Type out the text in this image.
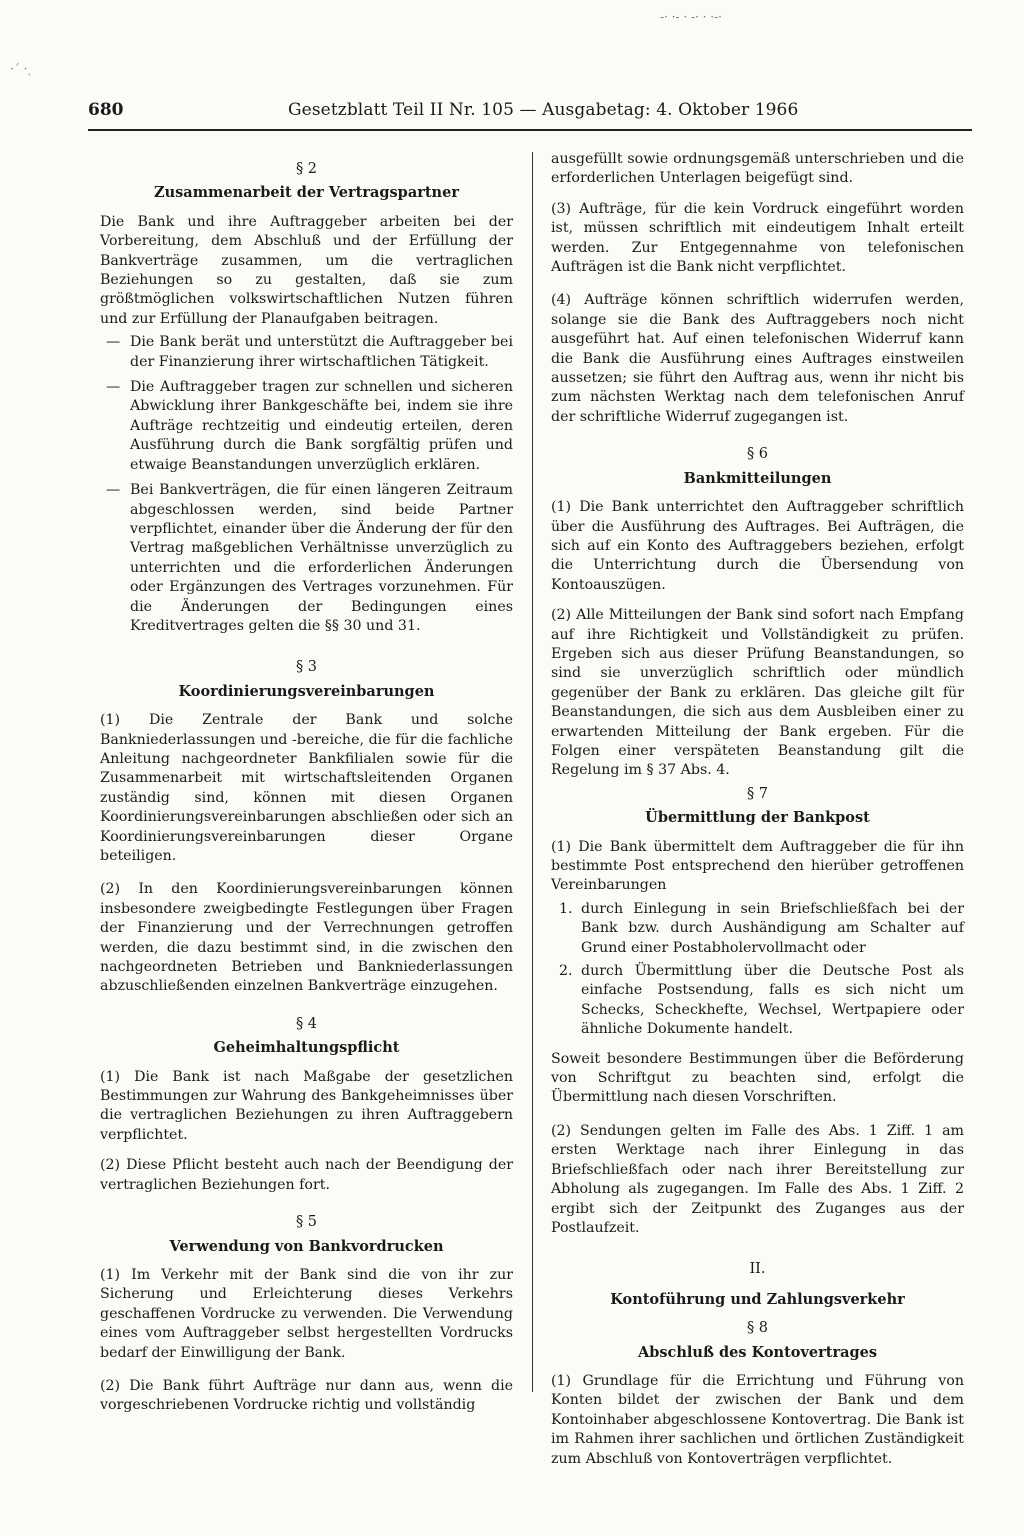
·ˊ ·ˎ
-· ·- · ‑· · ·-·
680	Gesetzblatt Teil II Nr. 105 — Ausgabetag: 4. Oktober 1966
§ 2
Zusammenarbeit der Vertragspartner

Die Bank und ihre Auftraggeber arbeiten bei der Vorbereitung, dem Abschluß und der Erfüllung der Bankverträge zusammen, um die vertraglichen Beziehungen so zu gestalten, daß sie zum größtmöglichen volkswirtschaftlichen Nutzen führen und zur Erfüllung der Planaufgaben beitragen.

— Die Bank berät und unterstützt die Auftraggeber bei der Finanzierung ihrer wirtschaftlichen Tätigkeit.
— Die Auftraggeber tragen zur schnellen und sicheren Abwicklung ihrer Bankgeschäfte bei, indem sie ihre Aufträge rechtzeitig und eindeutig erteilen, deren Ausführung durch die Bank sorgfältig prüfen und etwaige Beanstandungen unverzüglich erklären.
— Bei Bankverträgen, die für einen längeren Zeitraum abgeschlossen werden, sind beide Partner verpflichtet, einander über die Änderung der für den Vertrag maßgeblichen Verhältnisse unverzüglich zu unterrichten und die erforderlichen Änderungen oder Ergänzungen des Vertrages vorzunehmen. Für die Änderungen der Bedingungen eines Kreditvertrages gelten die §§ 30 und 31.
§ 3
Koordinierungsvereinbarungen

(1) Die Zentrale der Bank und solche Bankniederlassungen und -bereiche, die für die fachliche Anleitung nachgeordneter Bankfilialen sowie für die Zusammenarbeit mit wirtschaftsleitenden Organen zuständig sind, können mit diesen Organen Koordinierungsvereinbarungen abschließen oder sich an Koordinierungsvereinbarungen dieser Organe beteiligen.

(2) In den Koordinierungsvereinbarungen können insbesondere zweigbedingte Festlegungen über Fragen der Finanzierung und der Verrechnungen getroffen werden, die dazu bestimmt sind, in die zwischen den nachgeordneten Betrieben und Bankniederlassungen abzuschließenden einzelnen Bankverträge einzugehen.

§ 4
Geheimhaltungspflicht

(1) Die Bank ist nach Maßgabe der gesetzlichen Bestimmungen zur Wahrung des Bankgeheimnisses über die vertraglichen Beziehungen zu ihren Auftraggebern verpflichtet.

(2) Diese Pflicht besteht auch nach der Beendigung der vertraglichen Beziehungen fort.

§ 5
Verwendung von Bankvordrucken

(1) Im Verkehr mit der Bank sind die von ihr zur Sicherung und Erleichterung dieses Verkehrs geschaffenen Vordrucke zu verwenden. Die Verwendung eines vom Auftraggeber selbst hergestellten Vordrucks bedarf der Einwilligung der Bank.

(2) Die Bank führt Aufträge nur dann aus, wenn die vorgeschriebenen Vordrucke richtig und vollständig

ausgefüllt sowie ordnungsgemäß unterschrieben und die erforderlichen Unterlagen beigefügt sind.

(3) Aufträge, für die kein Vordruck eingeführt worden ist, müssen schriftlich mit eindeutigem Inhalt erteilt werden. Zur Entgegennahme von telefonischen Aufträgen ist die Bank nicht verpflichtet.

(4) Aufträge können schriftlich widerrufen werden, solange sie die Bank des Auftraggebers noch nicht ausgeführt hat. Auf einen telefonischen Widerruf kann die Bank die Ausführung eines Auftrages einstweilen aussetzen; sie führt den Auftrag aus, wenn ihr nicht bis zum nächsten Werktag nach dem telefonischen Anruf der schriftliche Widerruf zugegangen ist.

§ 6
Bankmitteilungen

(1) Die Bank unterrichtet den Auftraggeber schriftlich über die Ausführung des Auftrages. Bei Aufträgen, die sich auf ein Konto des Auftraggebers beziehen, erfolgt die Unterrichtung durch die Übersendung von Kontoauszügen.

(2) Alle Mitteilungen der Bank sind sofort nach Empfang auf ihre Richtigkeit und Vollständigkeit zu prüfen. Ergeben sich aus dieser Prüfung Beanstandungen, so sind sie unverzüglich schriftlich oder mündlich gegenüber der Bank zu erklären. Das gleiche gilt für Beanstandungen, die sich aus dem Ausbleiben einer zu erwartenden Mitteilung der Bank ergeben. Für die Folgen einer verspäteten Beanstandung gilt die Regelung im § 37 Abs. 4.

§ 7
Übermittlung der Bankpost

(1) Die Bank übermittelt dem Auftraggeber die für ihn bestimmte Post entsprechend den hierüber getroffenen Vereinbarungen

1. durch Einlegung in sein Briefschließfach bei der Bank bzw. durch Aushändigung am Schalter auf Grund einer Postabholervollmacht oder
2. durch Übermittlung über die Deutsche Post als einfache Postsendung, falls es sich nicht um Schecks, Scheckhefte, Wechsel, Wertpapiere oder ähnliche Dokumente handelt.

Soweit besondere Bestimmungen über die Beförderung von Schriftgut zu beachten sind, erfolgt die Übermittlung nach diesen Vorschriften.

(2) Sendungen gelten im Falle des Abs. 1 Ziff. 1 am ersten Werktage nach ihrer Einlegung in das Briefschließfach oder nach ihrer Bereitstellung zur Abholung als zugegangen. Im Falle des Abs. 1 Ziff. 2 ergibt sich der Zeitpunkt des Zuganges aus der Postlaufzeit.

II.
Kontoführung und Zahlungsverkehr
§ 8
Abschluß des Kontovertrages

(1) Grundlage für die Errichtung und Führung von Konten bildet der zwischen der Bank und dem Kontoinhaber abgeschlossene Kontovertrag. Die Bank ist im Rahmen ihrer sachlichen und örtlichen Zuständigkeit zum Abschluß von Kontoverträgen verpflichtet.
